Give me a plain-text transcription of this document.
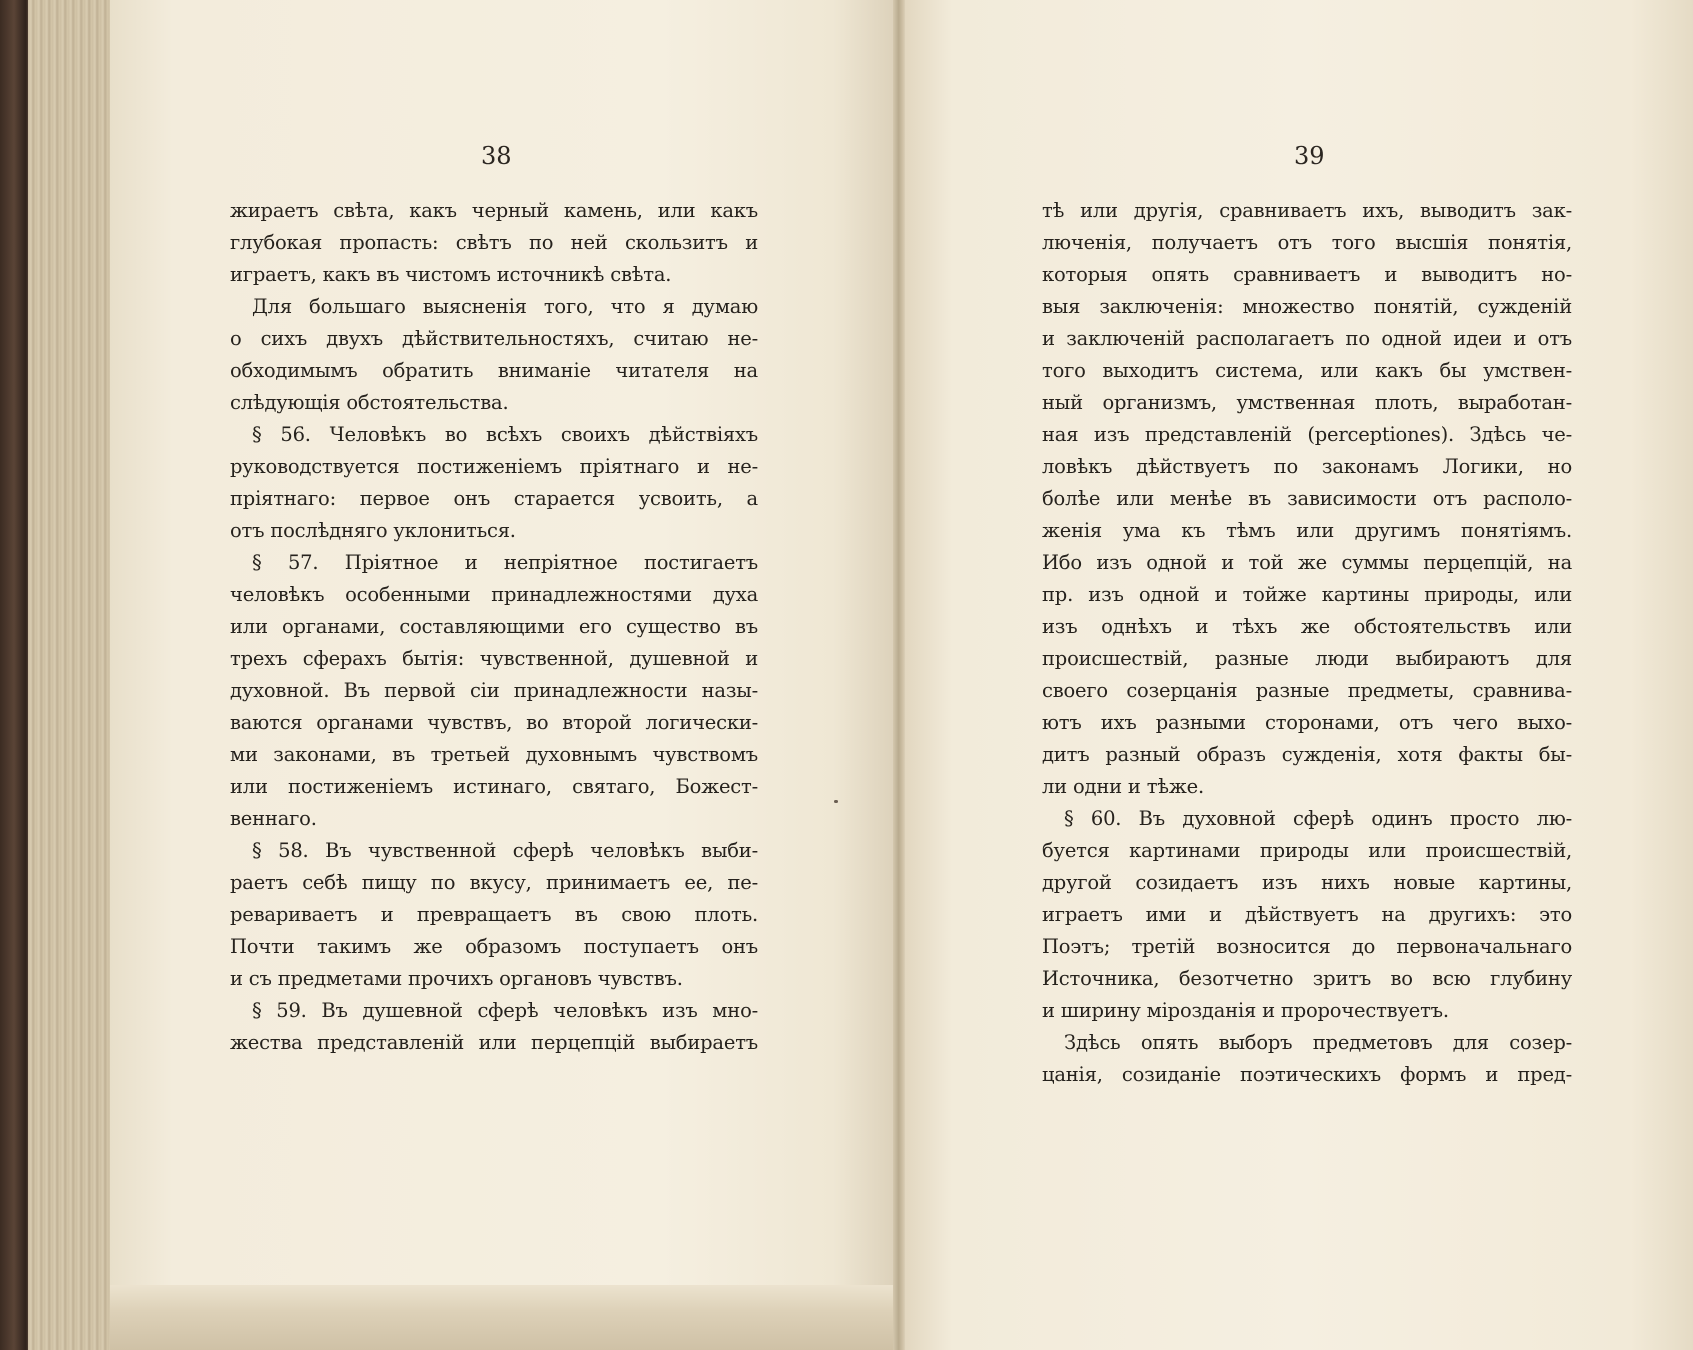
38	39

жираетъ свѣта, какъ черный камень, или какъ
глубокая пропасть: свѣтъ по ней скользитъ и
играетъ, какъ въ чистомъ источникѣ свѣта.
Для большаго выясненія того, что я думаю
о сихъ двухъ дѣйствительностяхъ, считаю не-
обходимымъ обратить вниманіе читателя на
слѣдующія обстоятельства.
§ 56. Человѣкъ во всѣхъ своихъ дѣйствіяхъ
руководствуется постиженіемъ пріятнаго и не-
пріятнаго: первое онъ старается усвоить, а
отъ послѣдняго уклониться.
§ 57. Пріятное и непріятное постигаетъ
человѣкъ особенными принадлежностями духа
или органами, составляющими его существо въ
трехъ сферахъ бытія: чувственной, душевной и
духовной. Въ первой сіи принадлежности назы-
ваются органами чувствъ, во второй логически-
ми законами, въ третьей духовнымъ чувствомъ
или постиженіемъ истинаго, святаго, Божест-
веннаго.
§ 58. Въ чувственной сферѣ человѣкъ выби-
раетъ себѣ пищу по вкусу, принимаетъ ее, пе-
реваривaетъ и превращаетъ въ свою плоть.
Почти такимъ же образомъ поступаетъ онъ
и съ предметами прочихъ органовъ чувствъ.
§ 59. Въ душевной сферѣ человѣкъ изъ мно-
жества представленій или перцепцій выбираетъ
тѣ или другія, сравниваетъ ихъ, выводитъ зак-
люченія, получаетъ отъ того высшія понятія,
которыя опять сравниваетъ и выводитъ но-
выя заключенія: множество понятій, сужденій
и заключеній располагаетъ по одной идеи и отъ
того выходитъ система, или какъ бы умствен-
ный организмъ, умственная плоть, выработан-
ная изъ представленій (perceptiones). Здѣсь че-
ловѣкъ дѣйствуетъ по законамъ Логики, но
болѣе или менѣе въ зависимости отъ располо-
женія ума къ тѣмъ или другимъ понятіямъ.
Ибо изъ одной и той же суммы перцепцій, на
пр. изъ одной и тойже картины природы, или
изъ однѣхъ и тѣхъ же обстоятельствъ или
происшествій, разные люди выбираютъ для
своего созерцанія разные предметы, сравнива-
ютъ ихъ разными сторонами, отъ чего выхо-
дитъ разный образъ сужденія, хотя факты бы-
ли одни и тѣже.
§ 60. Въ духовной сферѣ одинъ просто лю-
буется картинами природы или происшествій,
другой созидаетъ изъ нихъ новые картины,
играетъ ими и дѣйствуетъ на другихъ: это
Поэтъ; третій возносится до первоначальнаго
Источника, безотчетно зритъ во всю глубину
и ширину мірозданія и пророчествуетъ.
Здѣсь опять выборъ предметовъ для созер-
цанія, созиданіе поэтическихъ формъ и пред-
